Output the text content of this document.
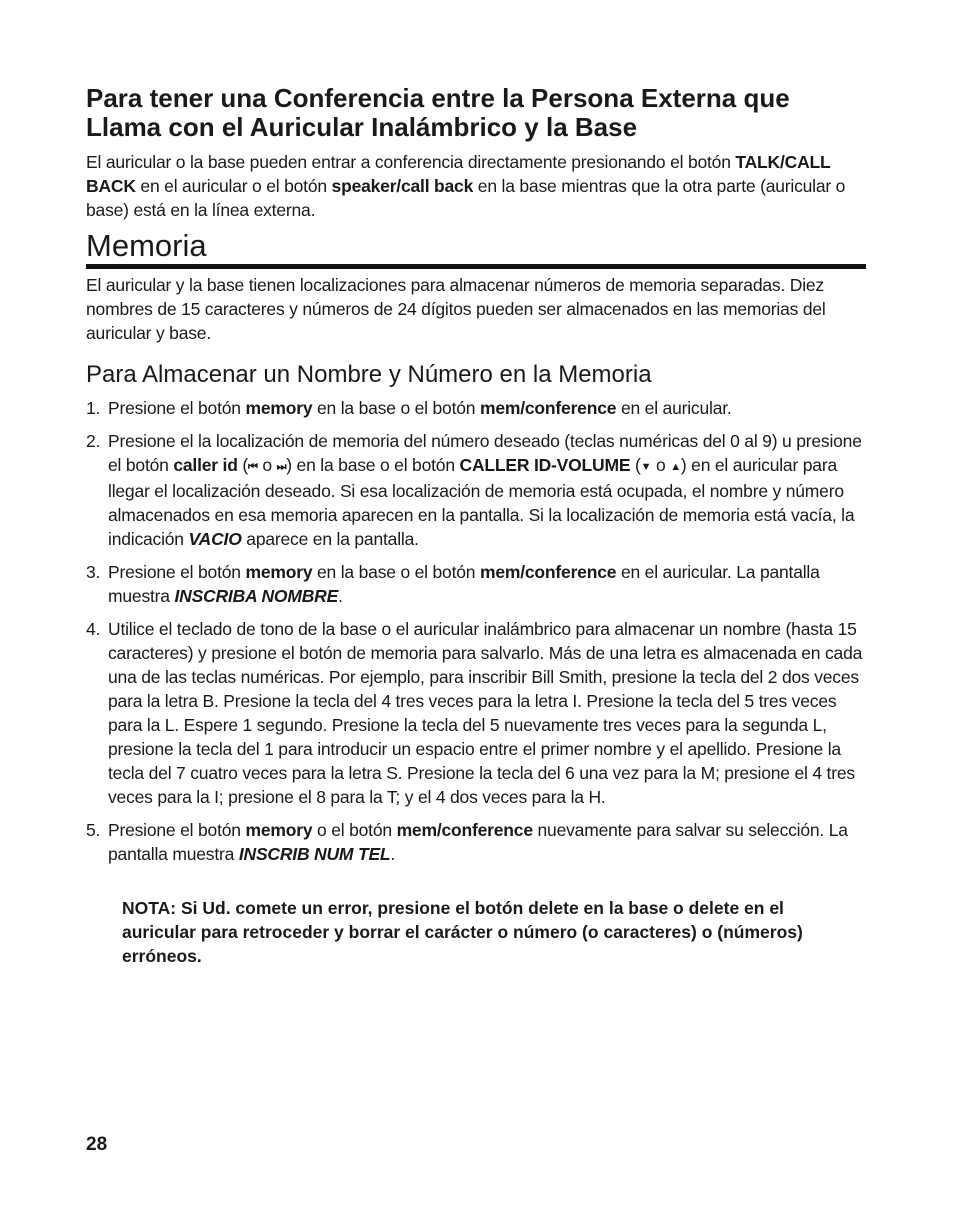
Para tener una Conferencia entre la Persona Externa que Llama con el Auricular Inalámbrico y la Base

El auricular o la base pueden entrar a conferencia directamente presionando el botón TALK/CALL BACK en el auricular o el botón speaker/call back en la base mientras que la otra parte (auricular o base) está en la línea externa.

Memoria

El auricular y la base tienen localizaciones para almacenar números de memoria separadas. Diez nombres de 15 caracteres y números de 24 dígitos pueden ser almacenados en las memorias del auricular y base.

Para Almacenar un Nombre y Número en la Memoria
1. Presione el botón memory en la base o el botón mem/conference en el auricular.
2. Presione el la localización de memoria del número deseado (teclas numéricas del 0 al 9) u presione el botón caller id (⏮ o ⏭) en la base o el botón CALLER ID-VOLUME (▼ o ▲) en el auricular para llegar el localización deseado. Si esa localización de memoria está ocupada, el nombre y número almacenados en esa memoria aparecen en la pantalla. Si la localización de memoria está vacía, la indicación VACIO aparece en la pantalla.
3. Presione el botón memory en la base o el botón mem/conference en el auricular. La pantalla muestra INSCRIBA NOMBRE.
4. Utilice el teclado de tono de la base o el auricular inalámbrico para almacenar un nombre (hasta 15 caracteres) y presione el botón de memoria para salvarlo. Más de una letra es almacenada en cada una de las teclas numéricas. Por ejemplo, para inscribir Bill Smith, presione la tecla del 2 dos veces para la letra B. Presione la tecla del 4 tres veces para la letra I. Presione la tecla del 5 tres veces para la L. Espere 1 segundo. Presione la tecla del 5 nuevamente tres veces para la segunda L, presione la tecla del 1 para introducir un espacio entre el primer nombre y el apellido. Presione la tecla del 7 cuatro veces para la letra S. Presione la tecla del 6 una vez para la M; presione el 4 tres veces para la I; presione el 8 para la T; y el 4 dos veces para la H.
5. Presione el botón memory o el botón mem/conference nuevamente para salvar su selección. La pantalla muestra INSCRIB NUM TEL.

NOTA: Si Ud. comete un error, presione el botón delete en la base o delete en el auricular para retroceder y borrar el carácter o número (o caracteres) o (números) erróneos.

28
